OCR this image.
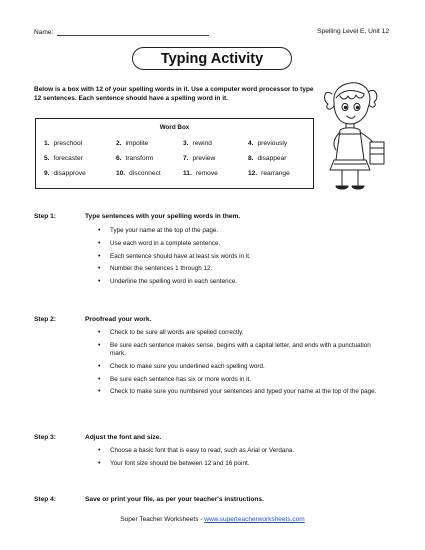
Name:	Spelling Level E, Unit 12
Typing Activity
Below is a box with 12 of your spelling words in it. Use a computer word processor to type 12 sentences. Each sentence should have a spelling word in it.
Word Box
1. preschool	2. impolite	3. rewind	4. previously
5. forecaster	6. transform	7. preview	8. disappear
9. disapprove	10. disconnect	11. remove	12. rearrange
Step 1:	Type sentences with your spelling words in them.
• Type your name at the top of the page.
• Use each word in a complete sentence.
• Each sentence should have at least six words in it.
• Number the sentences 1 through 12.
• Underline the spelling word in each sentence.
Step 2:	Proofread your work.
• Check to be sure all words are spelled correctly.
• Be sure each sentence makes sense, begins with a capital letter, and ends with a punctuation mark.
• Check to make sure you underlined each spelling word.
• Be sure each sentence has six or more words in it.
• Check to make sure you numbered your sentences and typed your name at the top of the page.
Step 3:	Adjust the font and size.
• Choose a basic font that is easy to read, such as Arial or Verdana.
• Your font size should be between 12 and 16 point.
Step 4:	Save or print your file, as per your teacher's instructions.
Super Teacher Worksheets - www.superteacherworksheets.com
